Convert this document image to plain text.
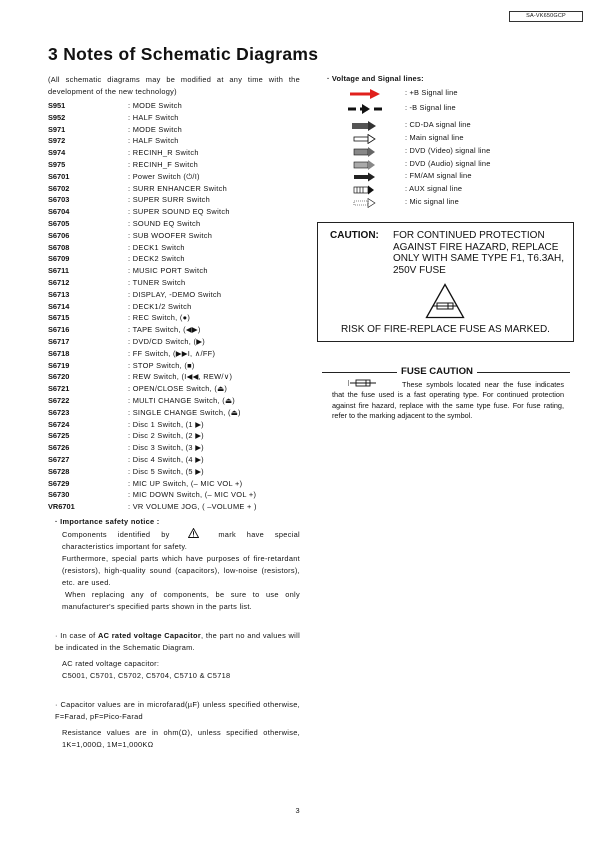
SA-VK650GCP
3 Notes of Schematic Diagrams
(All schematic diagrams may be modified at any time with the development of the new technology)
S951	: MODE Switch
S952	: HALF Switch
S971	: MODE Switch
S972	: HALF Switch
S974	: RECINH_R Switch
S975	: RECINH_F Switch
S6701	: Power Switch (⏻/I)
S6702	: SURR ENHANCER Switch
S6703	: SUPER SURR Switch
S6704	: SUPER SOUND EQ Switch
S6705	: SOUND EQ Switch
S6706	: SUB WOOFER Switch
S6708	: DECK1 Switch
S6709	: DECK2 Switch
S6711	: MUSIC PORT Switch
S6712	: TUNER Switch
S6713	: DISPLAY, -DEMO Switch
S6714	: DECK1/2 Switch
S6715	: REC Switch, (●)
S6716	: TAPE Switch, (◀▶)
S6717	: DVD/CD Switch, (▶)
S6718	: FF Switch, (▶▶I, ∧/FF)
S6719	: STOP Switch, (■)
S6720	: REW Switch, (I◀◀, REW/∨)
S6721	: OPEN/CLOSE Switch, (⏏)
S6722	: MULTI CHANGE Switch, (⏏)
S6723	: SINGLE CHANGE Switch, (⏏)
S6724	: Disc 1 Switch, (1 ▶)
S6725	: Disc 2 Switch, (2 ▶)
S6726	: Disc 3 Switch, (3 ▶)
S6727	: Disc 4 Switch, (4 ▶)
S6728	: Disc 5 Switch, (5 ▶)
S6729	: MIC UP Switch, (– MIC VOL +)
S6730	: MIC DOWN Switch, (– MIC VOL +)
VR6701	: VR VOLUME JOG, ( –VOLUME + )

· Importance safety notice :

Components identified by	mark have special characteristics important for safety.

Furthermore, special parts which have purposes of fire-retardant (resistors), high-quality sound (capacitors), low-noise (resistors), etc. are used.

When replacing any of components, be sure to use only manufacturer's specified parts shown in the parts list.

· In case of AC rated voltage Capacitor, the part no and values will be indicated in the Schematic Diagram.

AC rated voltage capacitor:

C5001, C5701, C5702, C5704, C5710 & C5718

· Capacitor values are in microfarad(µF) unless specified otherwise, F=Farad, pF=Pico-Farad

Resistance values are in ohm(Ω), unless specified otherwise, 1K=1,000Ω, 1M=1,000KΩ

· Voltage and Signal lines:
: +B Signal line
: -B Signal line
: CD-DA signal line
: Main signal line
: DVD (Video) signal line
: DVD (Audio) signal line
: FM/AM signal line
: AUX signal line
: Mic signal line
CAUTION: FOR CONTINUED PROTECTION AGAINST FIRE HAZARD, REPLACE ONLY WITH SAME TYPE F1, T6.3AH, 250V FUSE
RISK OF FIRE-REPLACE FUSE AS MARKED.
FUSE CAUTION
These symbols located near the fuse indicates that the fuse used is a fast operating type. For continued protection against fire hazard, replace with the same type fuse. For fuse rating, refer to the marking adjacent to the symbol.
3
